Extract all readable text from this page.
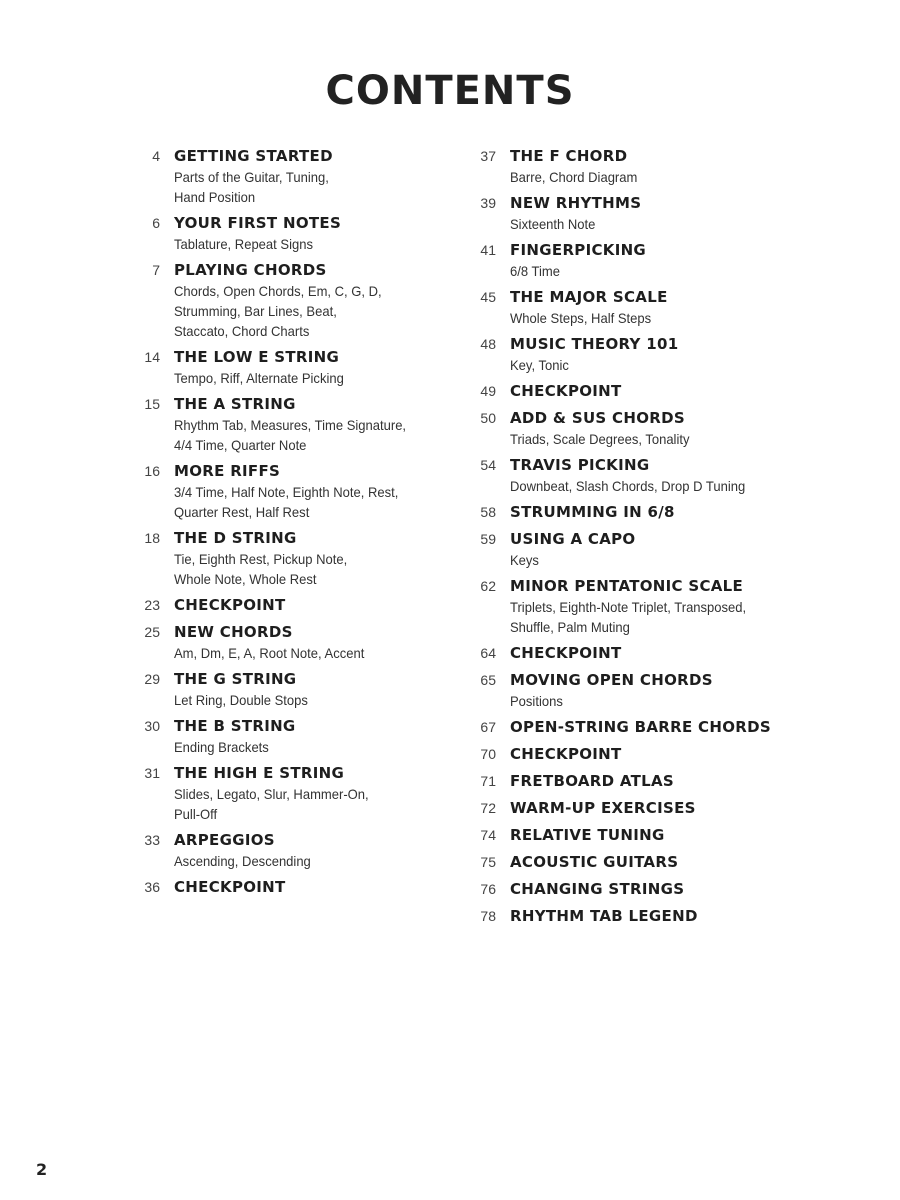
CONTENTS
4 GETTING STARTED
Parts of the Guitar, Tuning,
Hand Position
6 YOUR FIRST NOTES
Tablature, Repeat Signs
7 PLAYING CHORDS
Chords, Open Chords, Em, C, G, D,
Strumming, Bar Lines, Beat,
Staccato, Chord Charts
14 THE LOW E STRING
Tempo, Riff, Alternate Picking
15 THE A STRING
Rhythm Tab, Measures, Time Signature,
4/4 Time, Quarter Note
16 MORE RIFFS
3/4 Time, Half Note, Eighth Note, Rest,
Quarter Rest, Half Rest
18 THE D STRING
Tie, Eighth Rest, Pickup Note,
Whole Note, Whole Rest
23 CHECKPOINT
25 NEW CHORDS
Am, Dm, E, A, Root Note, Accent
29 THE G STRING
Let Ring, Double Stops
30 THE B STRING
Ending Brackets
31 THE HIGH E STRING
Slides, Legato, Slur, Hammer-On,
Pull-Off
33 ARPEGGIOS
Ascending, Descending
36 CHECKPOINT
37 THE F CHORD
Barre, Chord Diagram
39 NEW RHYTHMS
Sixteenth Note
41 FINGERPICKING
6/8 Time
45 THE MAJOR SCALE
Whole Steps, Half Steps
48 MUSIC THEORY 101
Key, Tonic
49 CHECKPOINT
50 ADD & SUS CHORDS
Triads, Scale Degrees, Tonality
54 TRAVIS PICKING
Downbeat, Slash Chords, Drop D Tuning
58 STRUMMING IN 6/8
59 USING A CAPO
Keys
62 MINOR PENTATONIC SCALE
Triplets, Eighth-Note Triplet, Transposed,
Shuffle, Palm Muting
64 CHECKPOINT
65 MOVING OPEN CHORDS
Positions
67 OPEN-STRING BARRE CHORDS
70 CHECKPOINT
71 FRETBOARD ATLAS
72 WARM-UP EXERCISES
74 RELATIVE TUNING
75 ACOUSTIC GUITARS
76 CHANGING STRINGS
78 RHYTHM TAB LEGEND
2
